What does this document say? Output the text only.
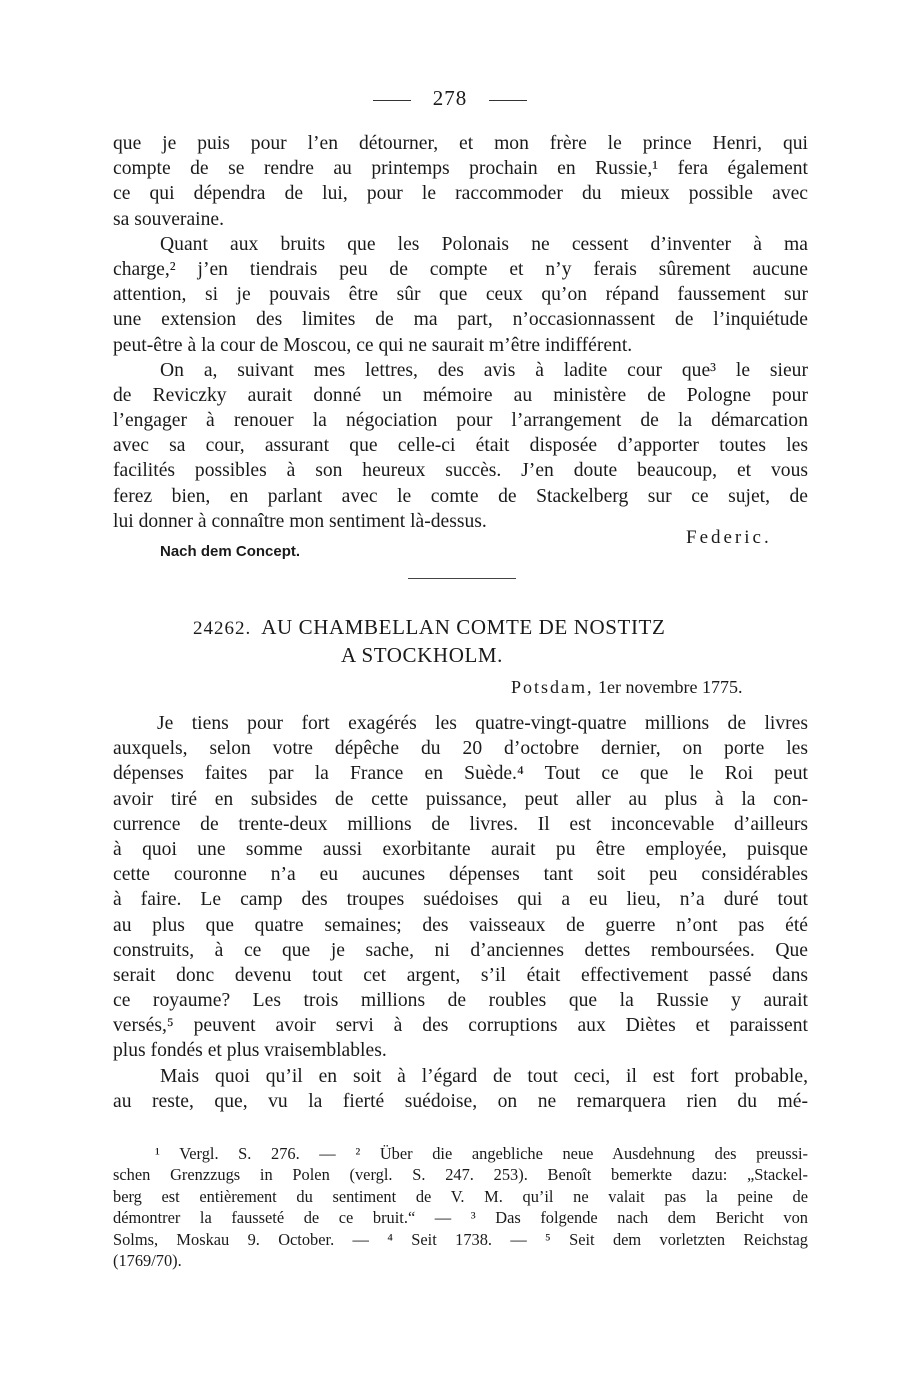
278
que je puis pour l’en détourner, et mon frère le prince Henri, qui
compte de se rendre au printemps prochain en Russie,¹ fera également
ce qui dépendra de lui, pour le raccommoder du mieux possible avec
sa souveraine.
Quant aux bruits que les Polonais ne cessent d’inventer à ma
charge,² j’en tiendrais peu de compte et n’y ferais sûrement aucune
attention, si je pouvais être sûr que ceux qu’on répand faussement sur
une extension des limites de ma part, n’occasionnassent de l’inquiétude
peut-être à la cour de Moscou, ce qui ne saurait m’être indifférent.
On a, suivant mes lettres, des avis à ladite cour que³ le sieur
de Reviczky aurait donné un mémoire au ministère de Pologne pour
l’engager à renouer la négociation pour l’arrangement de la démarcation
avec sa cour, assurant que celle-ci était disposée d’apporter toutes les
facilités possibles à son heureux succès. J’en doute beaucoup, et vous
ferez bien, en parlant avec le comte de Stackelberg sur ce sujet, de
lui donner à connaître mon sentiment là-dessus.
Federic.
Nach dem Concept.
24262. AU CHAMBELLAN COMTE DE NOSTITZ
A STOCKHOLM.
Potsdam, 1er novembre 1775.
Je tiens pour fort exagérés les quatre-vingt-quatre millions de livres
auxquels, selon votre dépêche du 20 d’octobre dernier, on porte les
dépenses faites par la France en Suède.⁴ Tout ce que le Roi peut
avoir tiré en subsides de cette puissance, peut aller au plus à la con-
currence de trente-deux millions de livres. Il est inconcevable d’ailleurs
à quoi une somme aussi exorbitante aurait pu être employée, puisque
cette couronne n’a eu aucunes dépenses tant soit peu considérables
à faire. Le camp des troupes suédoises qui a eu lieu, n’a duré tout
au plus que quatre semaines; des vaisseaux de guerre n’ont pas été
construits, à ce que je sache, ni d’anciennes dettes remboursées. Que
serait donc devenu tout cet argent, s’il était effectivement passé dans
ce royaume? Les trois millions de roubles que la Russie y aurait
versés,⁵ peuvent avoir servi à des corruptions aux Diètes et paraissent
plus fondés et plus vraisemblables.
Mais quoi qu’il en soit à l’égard de tout ceci, il est fort probable,
au reste, que, vu la fierté suédoise, on ne remarquera rien du mé-
¹ Vergl. S. 276. — ² Über die angebliche neue Ausdehnung des preussi-
schen Grenzzugs in Polen (vergl. S. 247. 253). Benoît bemerkte dazu: „Stackel-
berg est entièrement du sentiment de V. M. qu’il ne valait pas la peine de
démontrer la fausseté de ce bruit.“ — ³ Das folgende nach dem Bericht von
Solms, Moskau 9. October. — ⁴ Seit 1738. — ⁵ Seit dem vorletzten Reichstag
(1769/70).
